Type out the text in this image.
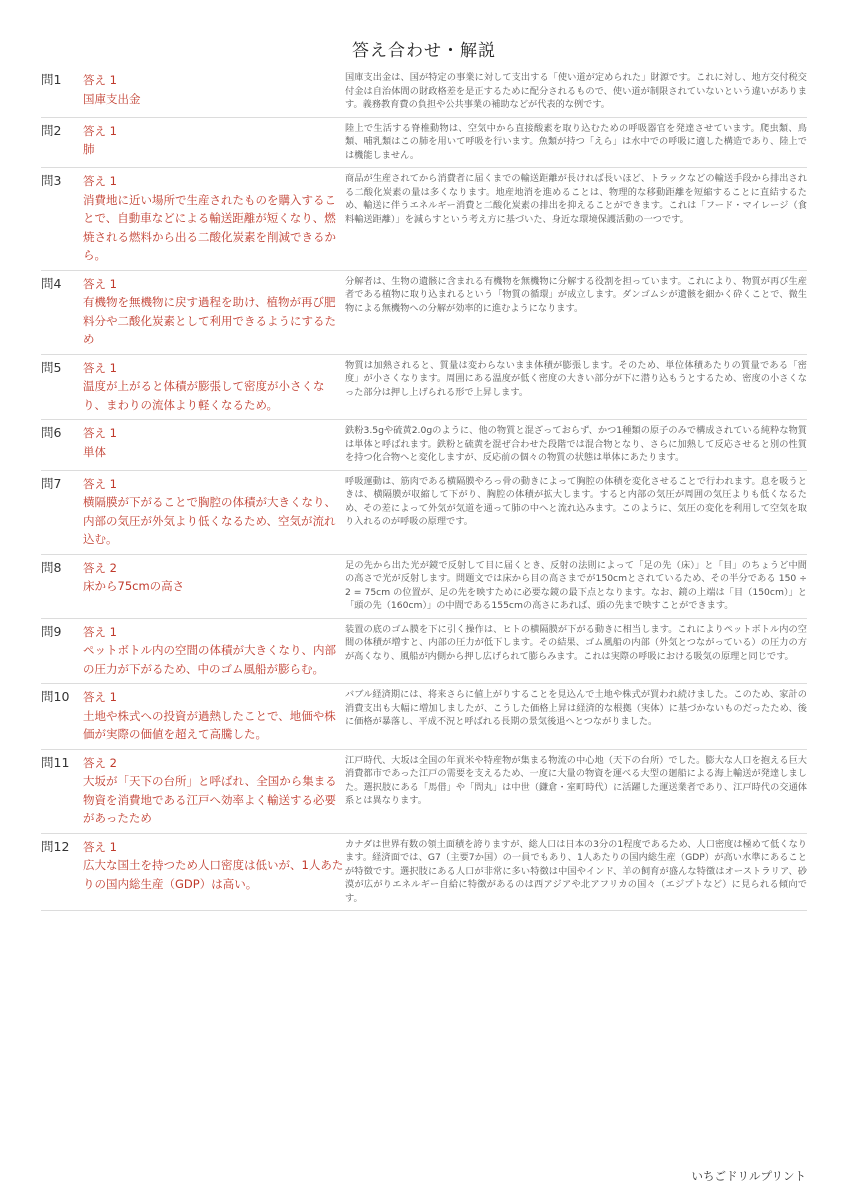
答え合わせ・解説
問1	答え 1
国庫支出金	国庫支出金は、国が特定の事業に対して支出する「使い道が定められた」財源です。これに対し、地方交付税交付金は自治体間の財政格差を是正するために配分されるもので、使い道が制限されていないという違いがあります。義務教育費の負担や公共事業の補助などが代表的な例です。
問2	答え 1
肺	陸上で生活する脊椎動物は、空気中から直接酸素を取り込むための呼吸器官を発達させています。爬虫類、鳥類、哺乳類はこの肺を用いて呼吸を行います。魚類が持つ「えら」は水中での呼吸に適した構造であり、陸上では機能しません。
問3	答え 1
消費地に近い場所で生産されたものを購入することで、自動車などによる輸送距離が短くなり、燃焼される燃料から出る二酸化炭素を削減できるから。	商品が生産されてから消費者に届くまでの輸送距離が長ければ長いほど、トラックなどの輸送手段から排出される二酸化炭素の量は多くなります。地産地消を進めることは、物理的な移動距離を短縮することに直結するため、輸送に伴うエネルギー消費と二酸化炭素の排出を抑えることができます。これは「フード・マイレージ（食料輸送距離）」を減らすという考え方に基づいた、身近な環境保護活動の一つです。
問4	答え 1
有機物を無機物に戻す過程を助け、植物が再び肥料分や二酸化炭素として利用できるようにするため	分解者は、生物の遺骸に含まれる有機物を無機物に分解する役割を担っています。これにより、物質が再び生産者である植物に取り込まれるという「物質の循環」が成立します。ダンゴムシが遺骸を細かく砕くことで、微生物による無機物への分解が効率的に進むようになります。
問5	答え 1
温度が上がると体積が膨張して密度が小さくなり、まわりの流体より軽くなるため。	物質は加熱されると、質量は変わらないまま体積が膨張します。そのため、単位体積あたりの質量である「密度」が小さくなります。周囲にある温度が低く密度の大きい部分が下に潜り込もうとするため、密度の小さくなった部分は押し上げられる形で上昇します。
問6	答え 1
単体	鉄粉3.5gや硫黄2.0gのように、他の物質と混ざっておらず、かつ1種類の原子のみで構成されている純粋な物質は単体と呼ばれます。鉄粉と硫黄を混ぜ合わせた段階では混合物となり、さらに加熱して反応させると別の性質を持つ化合物へと変化しますが、反応前の個々の物質の状態は単体にあたります。
問7	答え 1
横隔膜が下がることで胸腔の体積が大きくなり、内部の気圧が外気より低くなるため、空気が流れ込む。	呼吸運動は、筋肉である横隔膜やろっ骨の動きによって胸腔の体積を変化させることで行われます。息を吸うときは、横隔膜が収縮して下がり、胸腔の体積が拡大します。すると内部の気圧が周囲の気圧よりも低くなるため、その差によって外気が気道を通って肺の中へと流れ込みます。このように、気圧の変化を利用して空気を取り入れるのが呼吸の原理です。
問8	答え 2
床から75cmの高さ	足の先から出た光が鏡で反射して目に届くとき、反射の法則によって「足の先（床）」と「目」のちょうど中間の高さで光が反射します。問題文では床から目の高さまでが150cmとされているため、その半分である 150 ÷ 2 = 75cm の位置が、足の先を映すために必要な鏡の最下点となります。なお、鏡の上端は「目（150cm）」と「頭の先（160cm）」の中間である155cmの高さにあれば、頭の先まで映すことができます。
問9	答え 1
ペットボトル内の空間の体積が大きくなり、内部の圧力が下がるため、中のゴム風船が膨らむ。	装置の底のゴム膜を下に引く操作は、ヒトの横隔膜が下がる動きに相当します。これによりペットボトル内の空間の体積が増すと、内部の圧力が低下します。その結果、ゴム風船の内部（外気とつながっている）の圧力の方が高くなり、風船が内側から押し広げられて膨らみます。これは実際の呼吸における吸気の原理と同じです。
問10	答え 1
土地や株式への投資が過熱したことで、地価や株価が実際の価値を超えて高騰した。	バブル経済期には、将来さらに値上がりすることを見込んで土地や株式が買われ続けました。このため、家計の消費支出も大幅に増加しましたが、こうした価格上昇は経済的な根拠（実体）に基づかないものだったため、後に価格が暴落し、平成不況と呼ばれる長期の景気後退へとつながりました。
問11	答え 2
大坂が「天下の台所」と呼ばれ、全国から集まる物資を消費地である江戸へ効率よく輸送する必要があったため	江戸時代、大坂は全国の年貢米や特産物が集まる物流の中心地（天下の台所）でした。膨大な人口を抱える巨大消費都市であった江戸の需要を支えるため、一度に大量の物資を運べる大型の廻船による海上輸送が発達しました。選択肢にある「馬借」や「問丸」は中世（鎌倉・室町時代）に活躍した運送業者であり、江戸時代の交通体系とは異なります。
問12	答え 1
広大な国土を持つため人口密度は低いが、1人あたりの国内総生産（GDP）は高い。	カナダは世界有数の領土面積を誇りますが、総人口は日本の3分の1程度であるため、人口密度は極めて低くなります。経済面では、G7（主要7か国）の一員でもあり、1人あたりの国内総生産（GDP）が高い水準にあることが特徴です。選択肢にある人口が非常に多い特徴は中国やインド、羊の飼育が盛んな特徴はオーストラリア、砂漠が広がりエネルギー自給に特徴があるのは西アジアや北アフリカの国々（エジプトなど）に見られる傾向です。
いちごドリルプリント
